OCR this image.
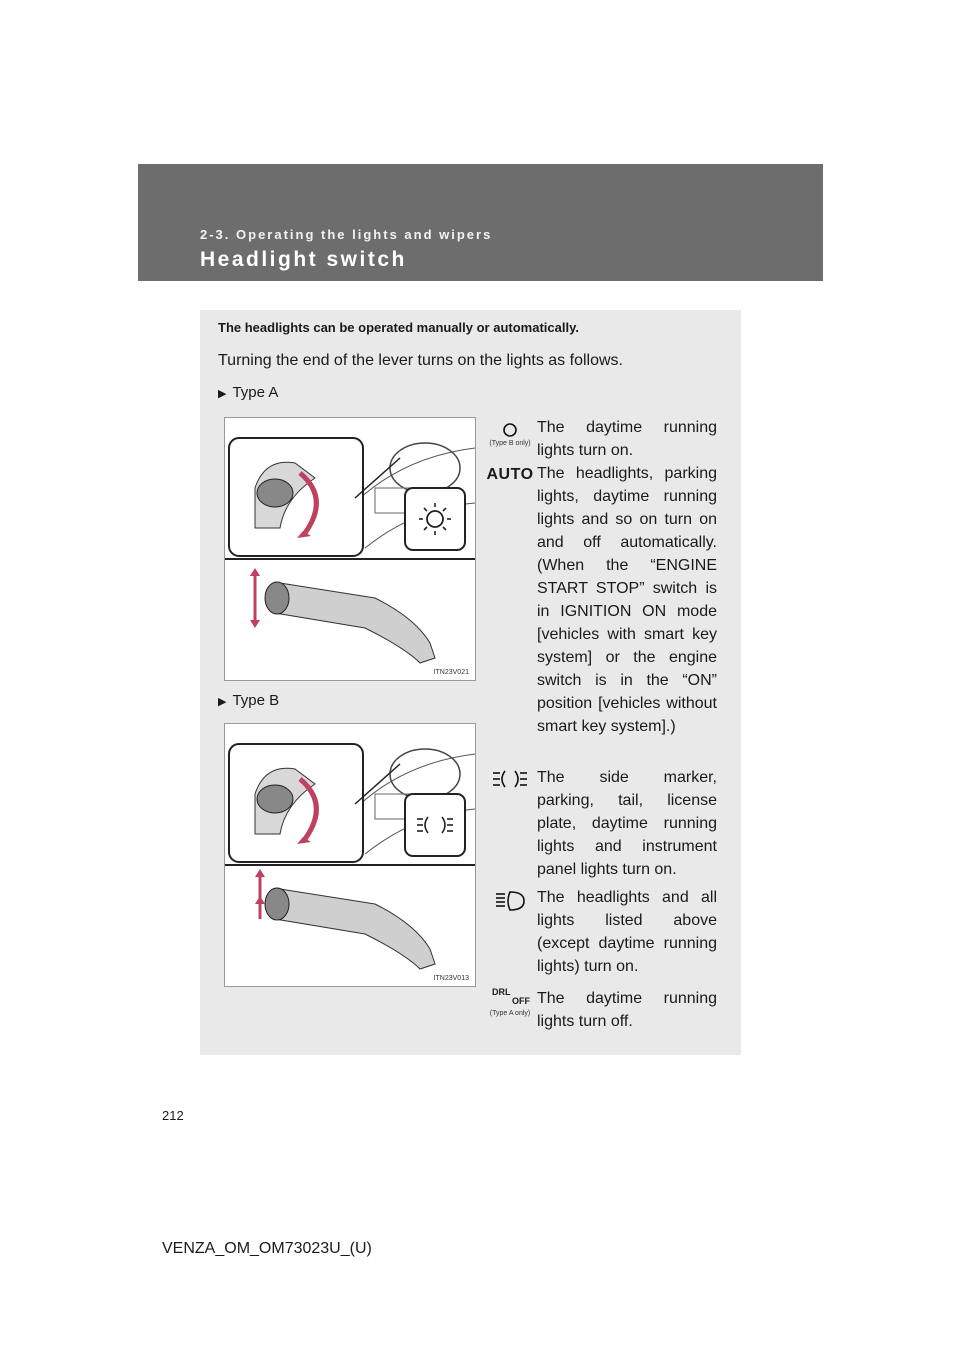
2-3. Operating the lights and wipers
Headlight switch
The headlights can be operated manually or automatically.
Turning the end of the lever turns on the lights as follows.
▶ Type A
ITN23V021
▶ Type B
ITN23V013
(Type B only)
The daytime running lights turn on.
AUTO The headlights, parking lights, daytime running lights and so on turn on and off automatically. (When the “ENGINE START STOP” switch is in IGNITION ON mode [vehicles with smart key system] or the engine switch is in the “ON” position [vehicles without smart key system].)
The side marker, parking, tail, license plate, daytime running lights and instrument panel lights turn on.
The headlights and all lights listed above (except daytime running lights) turn on.
DRL
OFF
(Type A only)
The daytime running lights turn off.
212
VENZA_OM_OM73023U_(U)
